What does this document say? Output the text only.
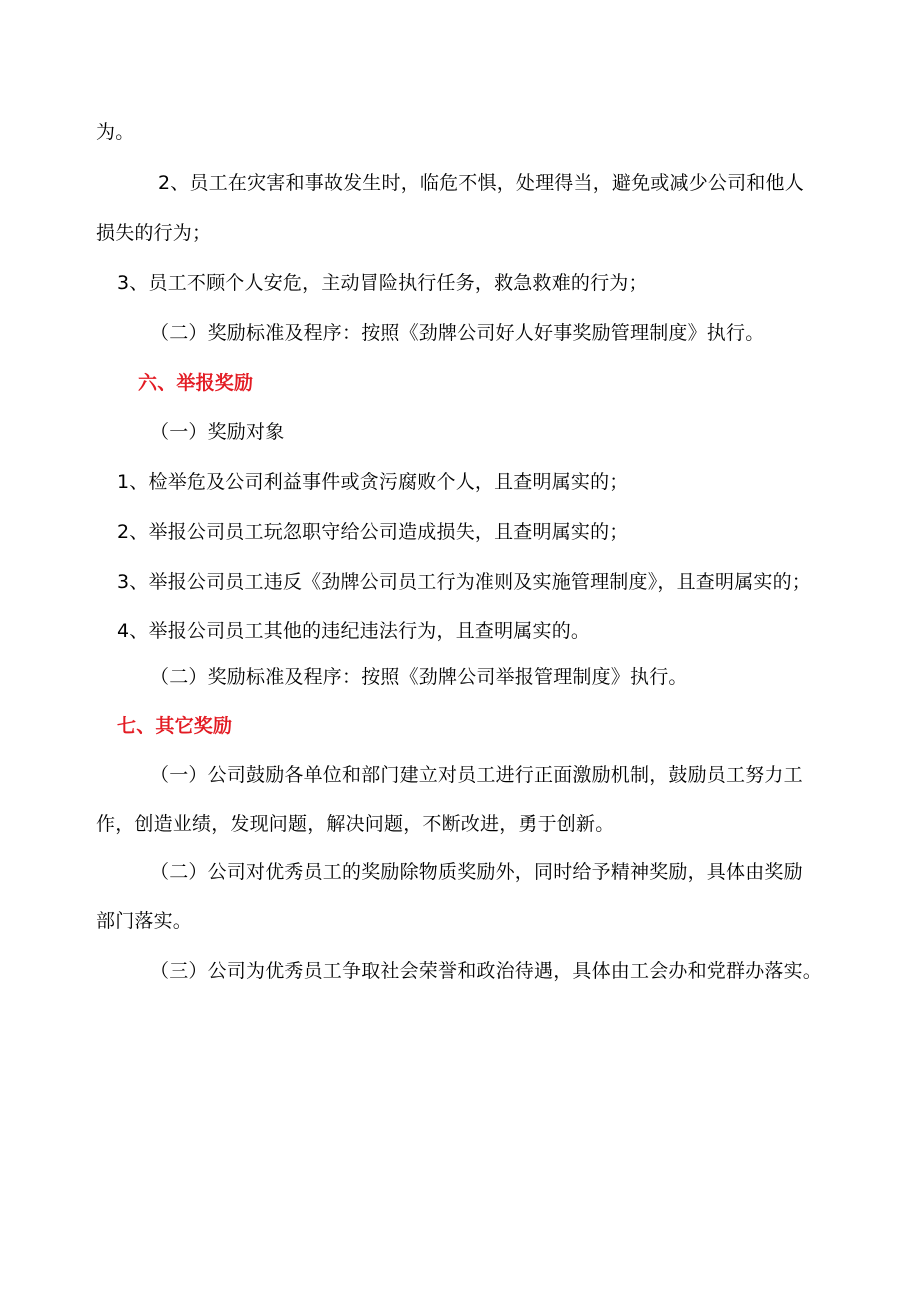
为。
2、员工在灾害和事故发生时，临危不惧，处理得当，避免或减少公司和他人
损失的行为；
3、员工不顾个人安危，主动冒险执行任务，救急救难的行为；
（二）奖励标准及程序：按照《劲牌公司好人好事奖励管理制度》执行。
六、举报奖励
（一）奖励对象
1、检举危及公司利益事件或贪污腐败个人，且查明属实的；
2、举报公司员工玩忽职守给公司造成损失，且查明属实的；
3、举报公司员工违反《劲牌公司员工行为准则及实施管理制度》，且查明属实的；
4、举报公司员工其他的违纪违法行为，且查明属实的。
（二）奖励标准及程序：按照《劲牌公司举报管理制度》执行。
七、其它奖励
（一）公司鼓励各单位和部门建立对员工进行正面激励机制，鼓励员工努力工
作，创造业绩，发现问题，解决问题，不断改进，勇于创新。
（二）公司对优秀员工的奖励除物质奖励外，同时给予精神奖励，具体由奖励
部门落实。
（三）公司为优秀员工争取社会荣誉和政治待遇，具体由工会办和党群办落实。
